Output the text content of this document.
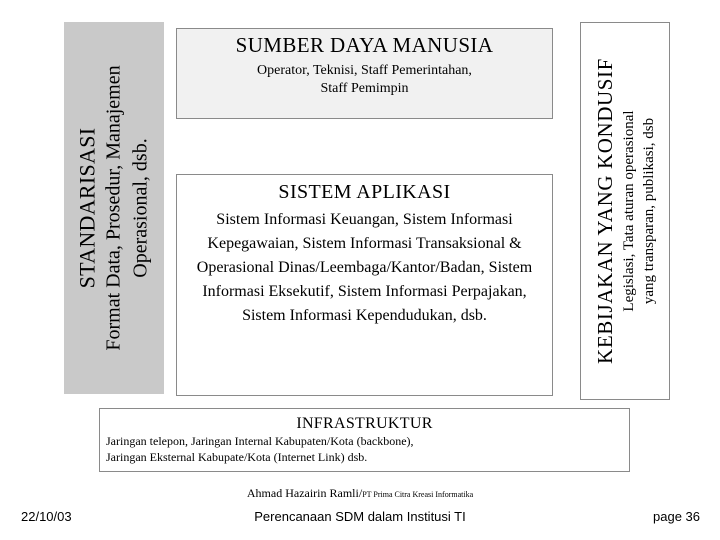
STANDARISASI Format Data, Prosedur, Manajemen Operasional, dsb.
SUMBER DAYA MANUSIA
Operator, Teknisi, Staff Pemerintahan,
Staff Pemimpin
SISTEM APLIKASI
Sistem Informasi Keuangan, Sistem Informasi Kepegawaian, Sistem Informasi Transaksional & Operasional Dinas/Leembaga/Kantor/Badan, Sistem Informasi Eksekutif, Sistem Informasi Perpajakan, Sistem Informasi Kependudukan, dsb.	KEBIJAKAN YANG KONDUSIF Legislasi, Tata aturan operasional yang transparan, publikasi, dsb
INFRASTRUKTUR
Jaringan telepon, Jaringan Internal Kabupaten/Kota (backbone),
Jaringan Eksternal Kabupate/Kota (Internet Link) dsb.
Ahmad Hazairin Ramli/PT Prima Citra Kreasi Informatika
22/10/03	Perencanaan SDM dalam Institusi TI	page 36
